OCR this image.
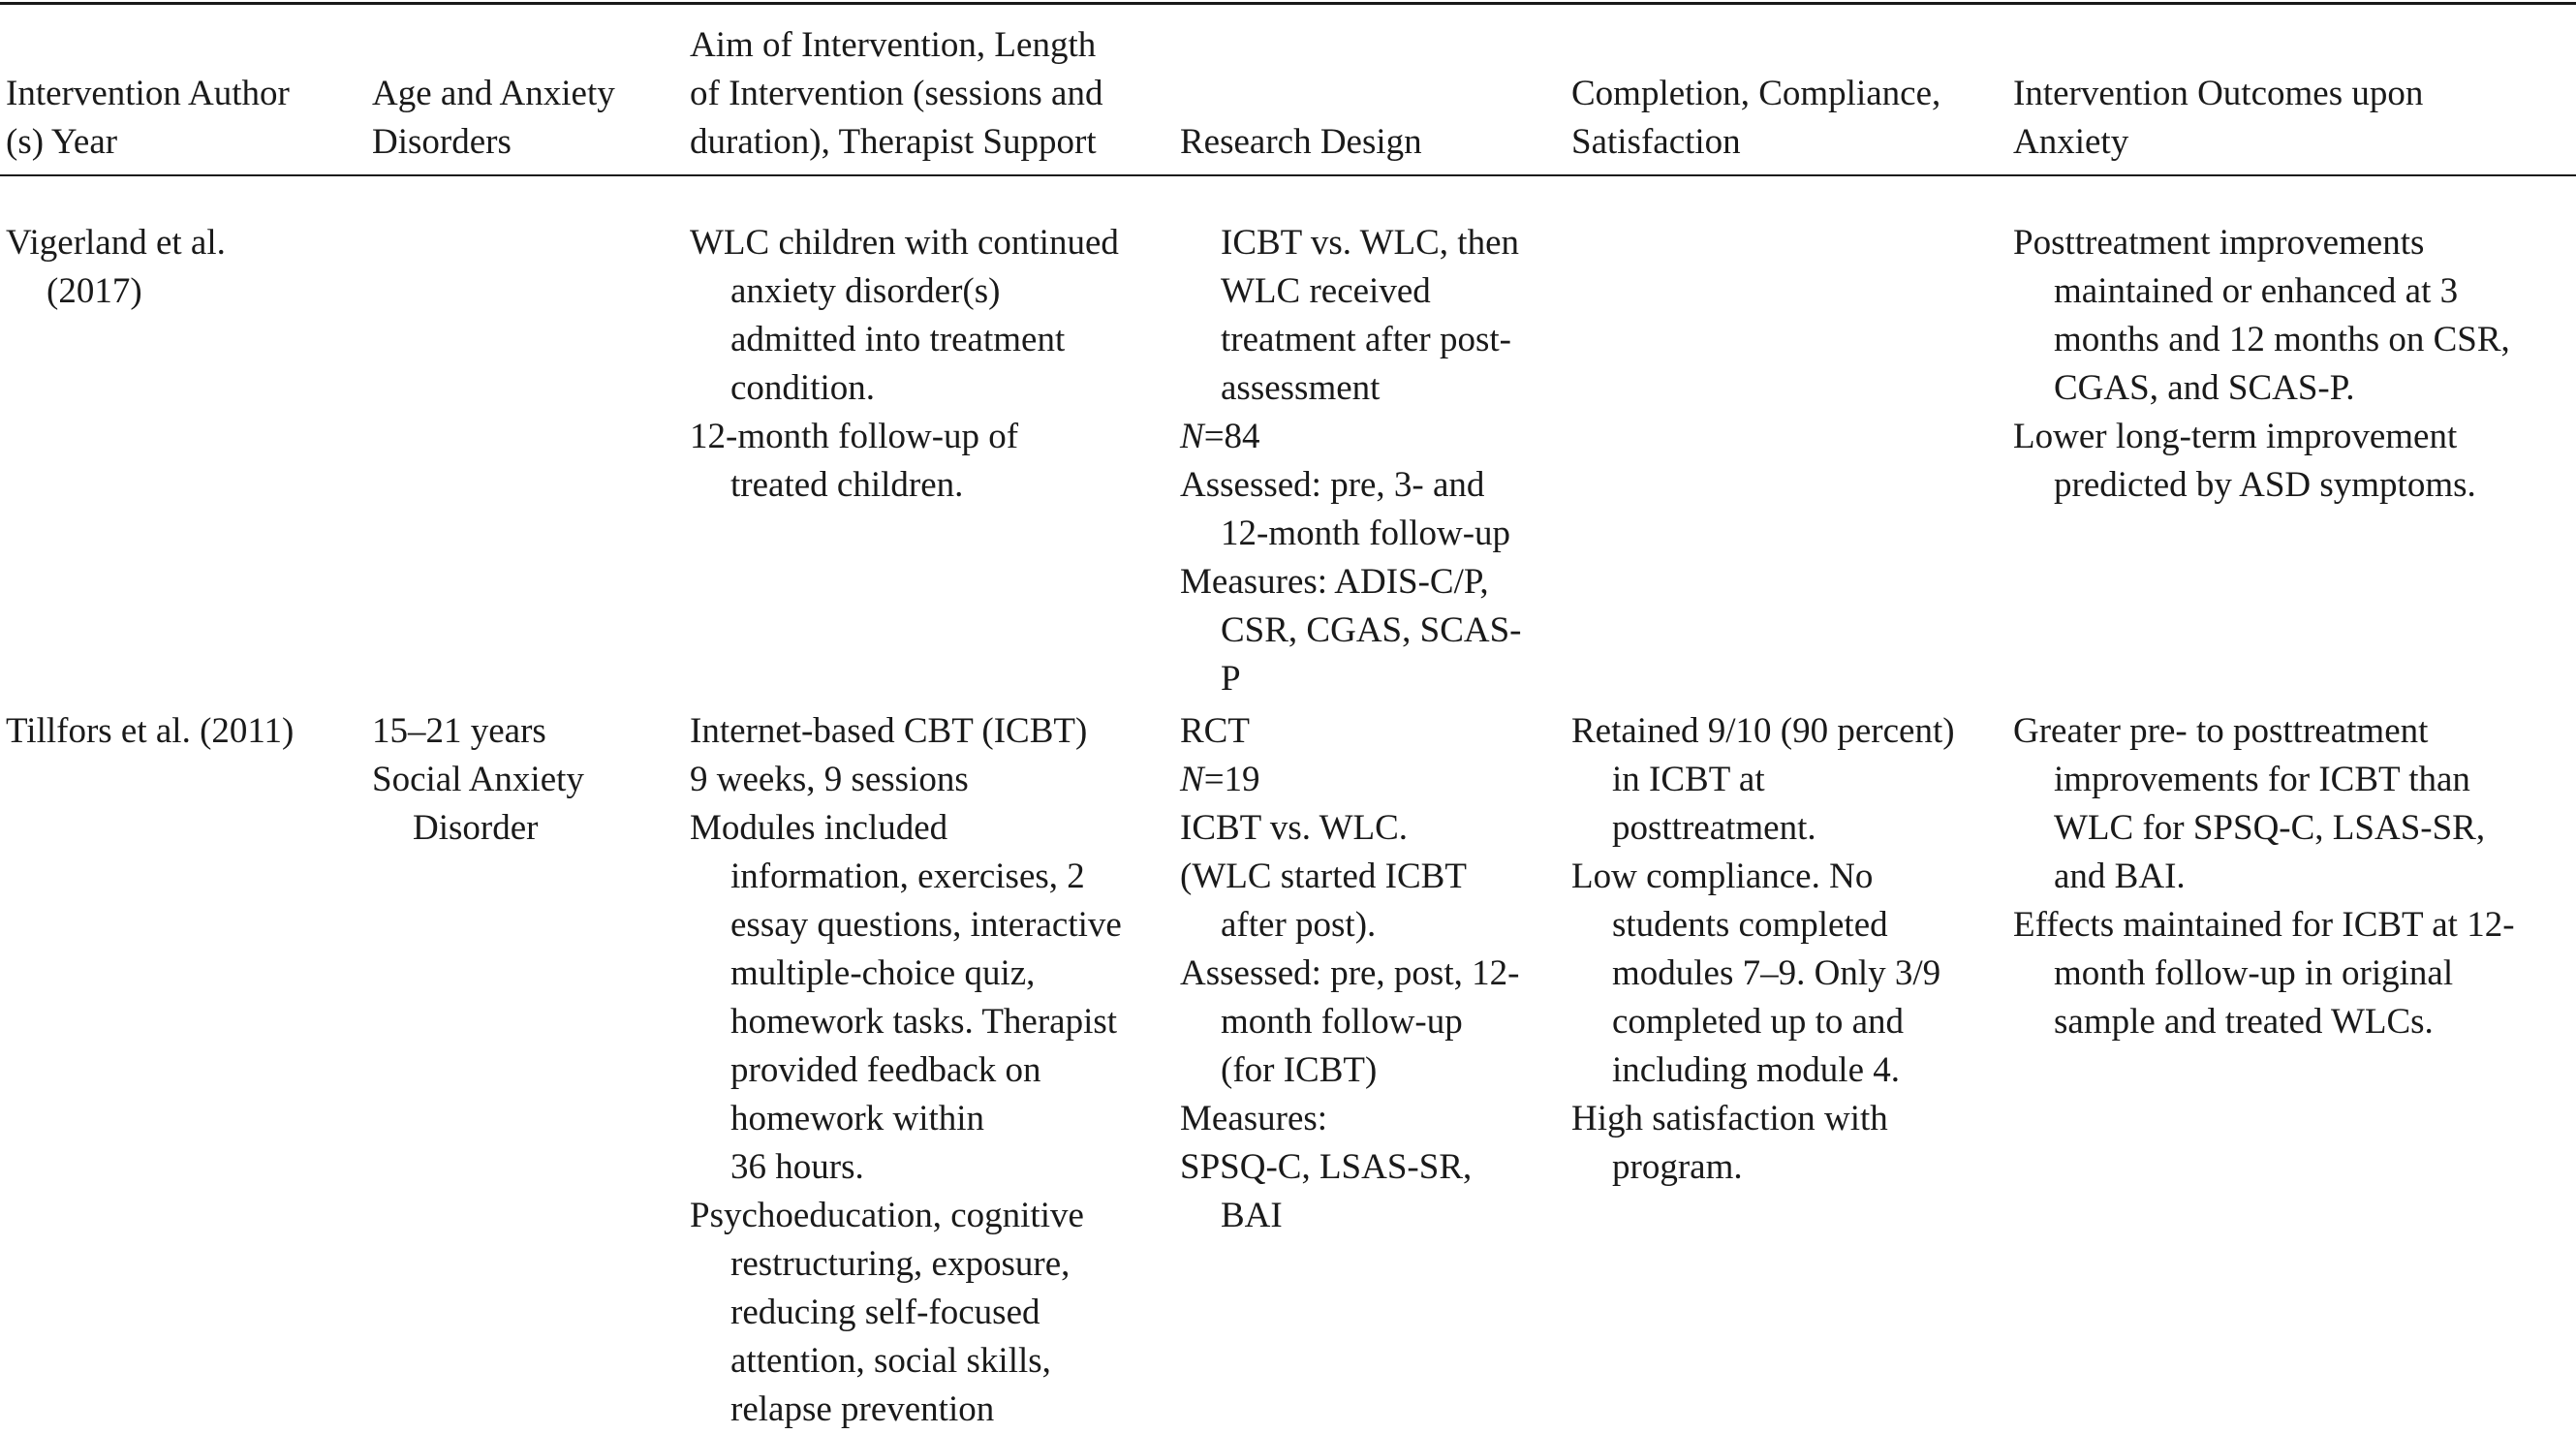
Intervention Author
(s) Year
Age and Anxiety
Disorders
Aim of Intervention, Length
of Intervention (sessions and
duration), Therapist Support	Research Design
Completion, Compliance,
Satisfaction
Intervention Outcomes upon
Anxiety
Vigerland et al.
(2017)
WLC children with continued
anxiety disorder(s)
admitted into treatment
condition.
12-month follow-up of
treated children.
ICBT vs. WLC, then
WLC received
treatment after post-
assessment
N=84
Assessed: pre, 3- and
12-month follow-up
Measures: ADIS-C/P,
CSR, CGAS, SCAS-
P
Posttreatment improvements
maintained or enhanced at 3
months and 12 months on CSR,
CGAS, and SCAS-P.
Lower long-term improvement
predicted by ASD symptoms.
Tillfors et al. (2011)	15–21 years
Social Anxiety
Disorder
Internet-based CBT (ICBT)
9 weeks, 9 sessions
Modules included
information, exercises, 2
essay questions, interactive
multiple-choice quiz,
homework tasks. Therapist
provided feedback on
homework within
36 hours.
Psychoeducation, cognitive
restructuring, exposure,
reducing self-focused
attention, social skills,
relapse prevention
RCT
N=19
ICBT vs. WLC.
(WLC started ICBT
after post).
Assessed: pre, post, 12-
month follow-up
(for ICBT)
Measures:
SPSQ-C, LSAS-SR,
BAI
Retained 9/10 (90 percent)
in ICBT at
posttreatment.
Low compliance. No
students completed
modules 7–9. Only 3/9
completed up to and
including module 4.
High satisfaction with
program.
Greater pre- to posttreatment
improvements for ICBT than
WLC for SPSQ-C, LSAS-SR,
and BAI.
Effects maintained for ICBT at 12-
month follow-up in original
sample and treated WLCs.
